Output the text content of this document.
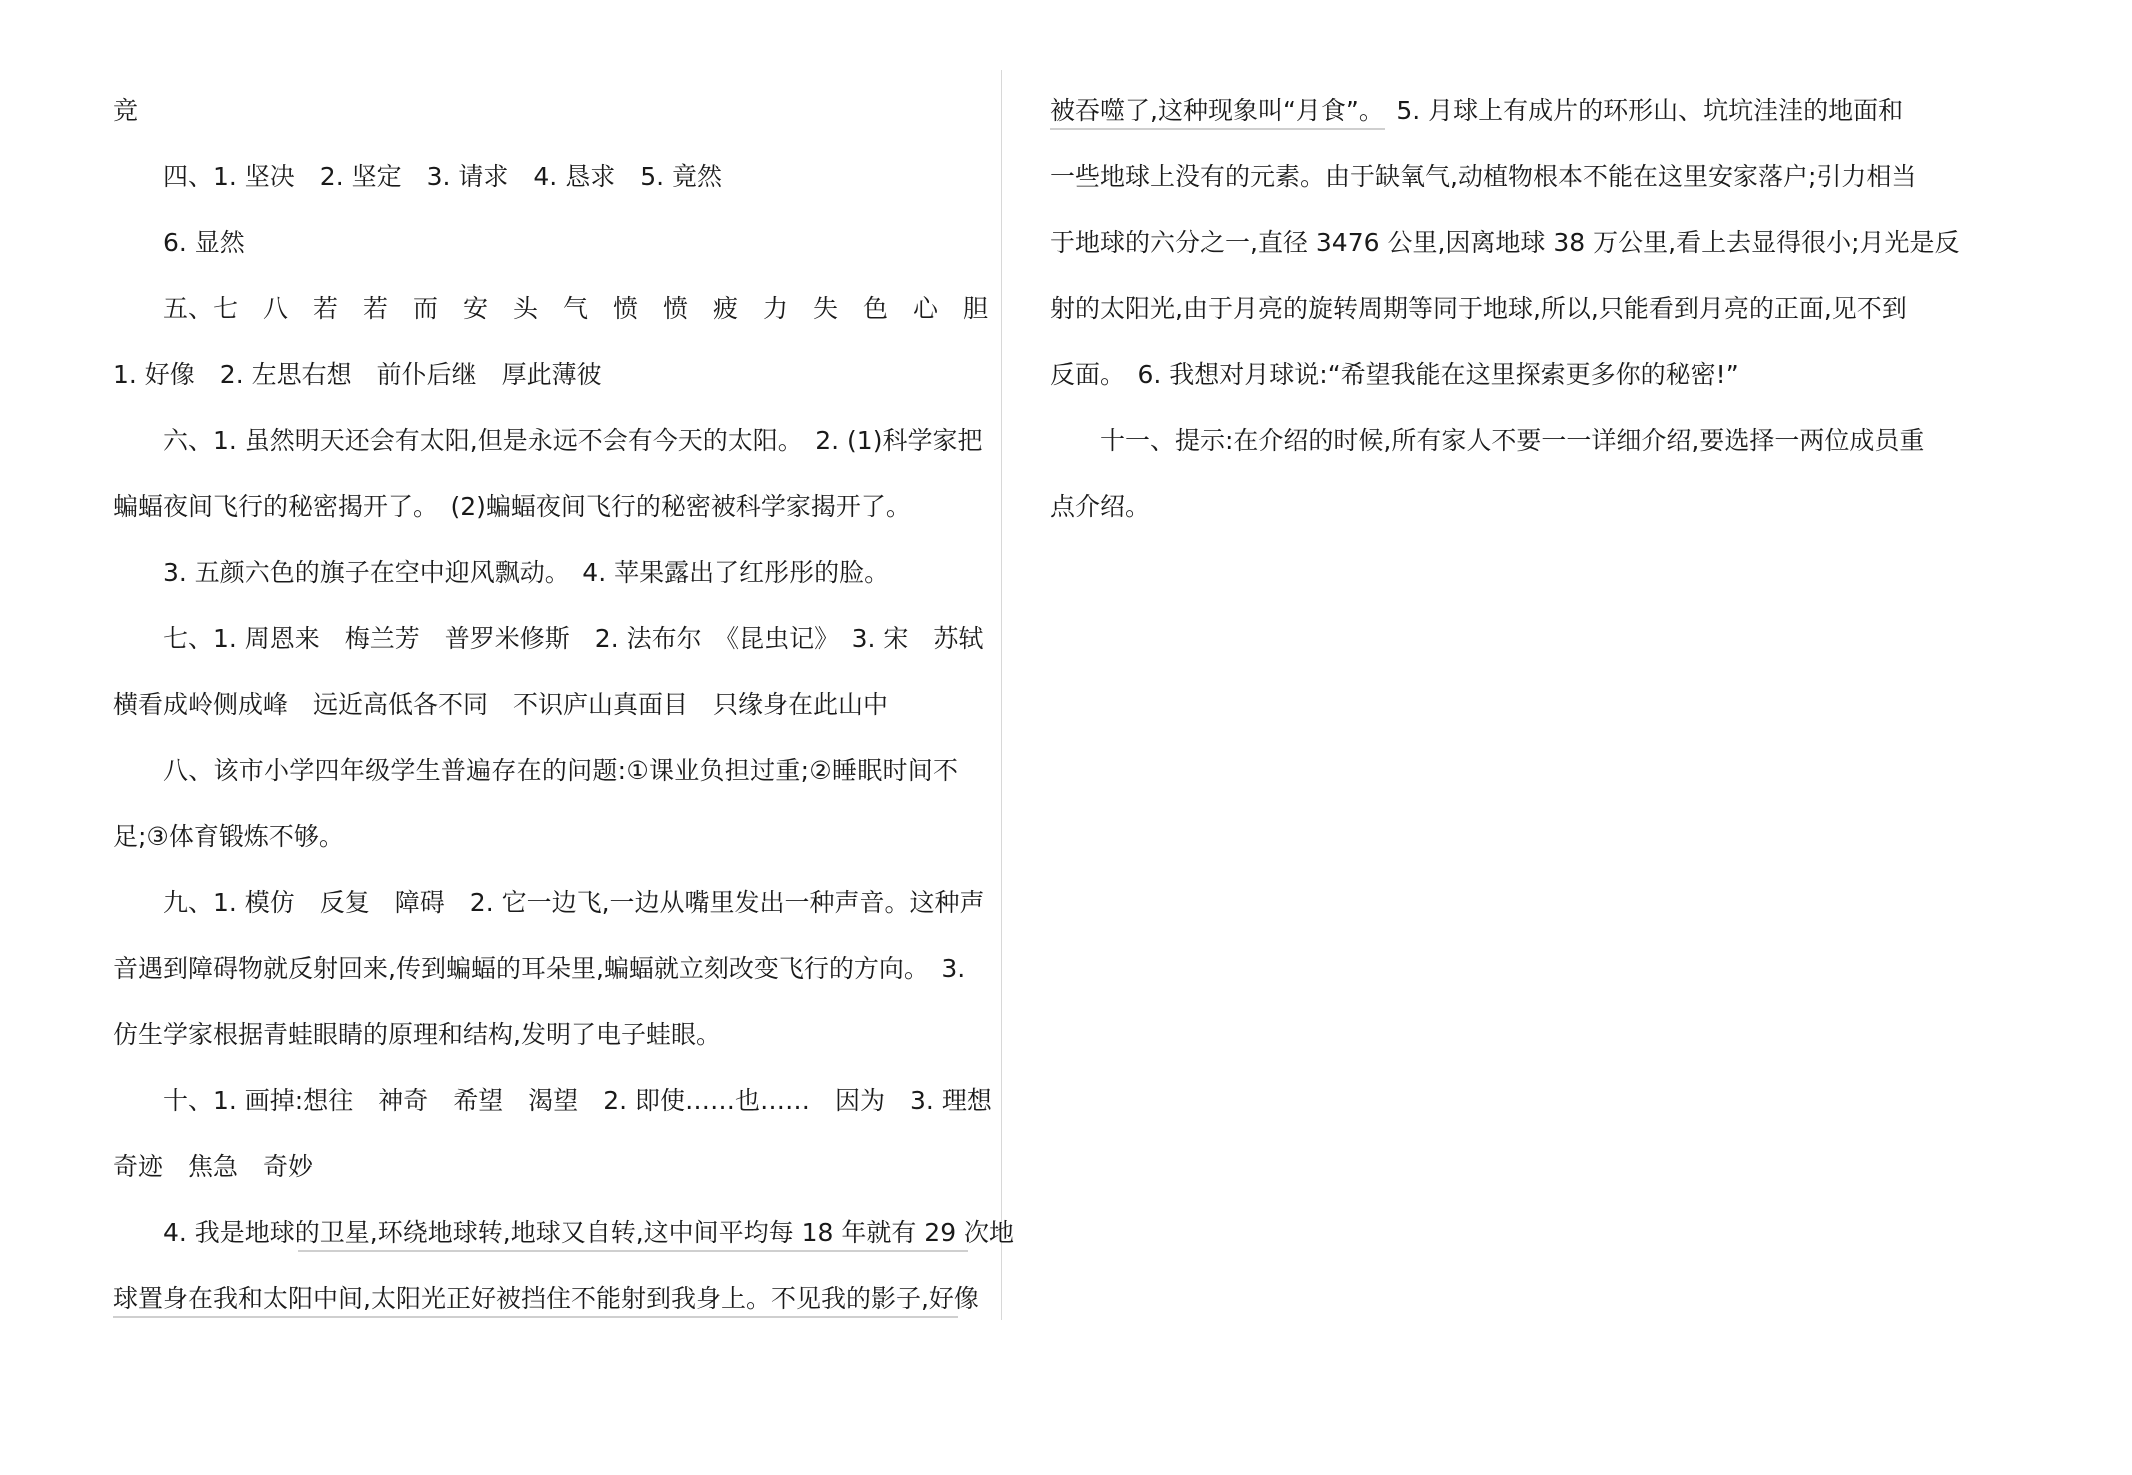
竞
四、1. 坚决　2. 坚定　3. 请求　4. 恳求　5. 竟然
6. 显然
五、七　八　若　若　而　安　头　气　愤　愤　疲　力　失　色　心　胆
1. 好像　2. 左思右想　前仆后继　厚此薄彼
六、1. 虽然明天还会有太阳,但是永远不会有今天的太阳。　2. (1)科学家把
蝙蝠夜间飞行的秘密揭开了。　(2)蝙蝠夜间飞行的秘密被科学家揭开了。
3. 五颜六色的旗子在空中迎风飘动。　4. 苹果露出了红彤彤的脸。
七、1. 周恩来　梅兰芳　普罗米修斯　2. 法布尔　《昆虫记》　3. 宋　苏轼
横看成岭侧成峰　远近高低各不同　不识庐山真面目　只缘身在此山中
八、该市小学四年级学生普遍存在的问题:①课业负担过重;②睡眠时间不
足;③体育锻炼不够。
九、1. 模仿　反复　障碍　2. 它一边飞,一边从嘴里发出一种声音。这种声
音遇到障碍物就反射回来,传到蝙蝠的耳朵里,蝙蝠就立刻改变飞行的方向。　3.
仿生学家根据青蛙眼睛的原理和结构,发明了电子蛙眼。
十、1. 画掉:想往　神奇　希望　渴望　2. 即使……也……　因为　3. 理想
奇迹　焦急　奇妙
4. 我是地球的卫星,环绕地球转,地球又自转,这中间平均每 18 年就有 29 次地
球置身在我和太阳中间,太阳光正好被挡住不能射到我身上。不见我的影子,好像
被吞噬了,这种现象叫“月食”。　5. 月球上有成片的环形山、坑坑洼洼的地面和
一些地球上没有的元素。由于缺氧气,动植物根本不能在这里安家落户;引力相当
于地球的六分之一,直径 3476 公里,因离地球 38 万公里,看上去显得很小;月光是反
射的太阳光,由于月亮的旋转周期等同于地球,所以,只能看到月亮的正面,见不到
反面。　6. 我想对月球说:“希望我能在这里探索更多你的秘密!”
十一、提示:在介绍的时候,所有家人不要一一详细介绍,要选择一两位成员重
点介绍。
